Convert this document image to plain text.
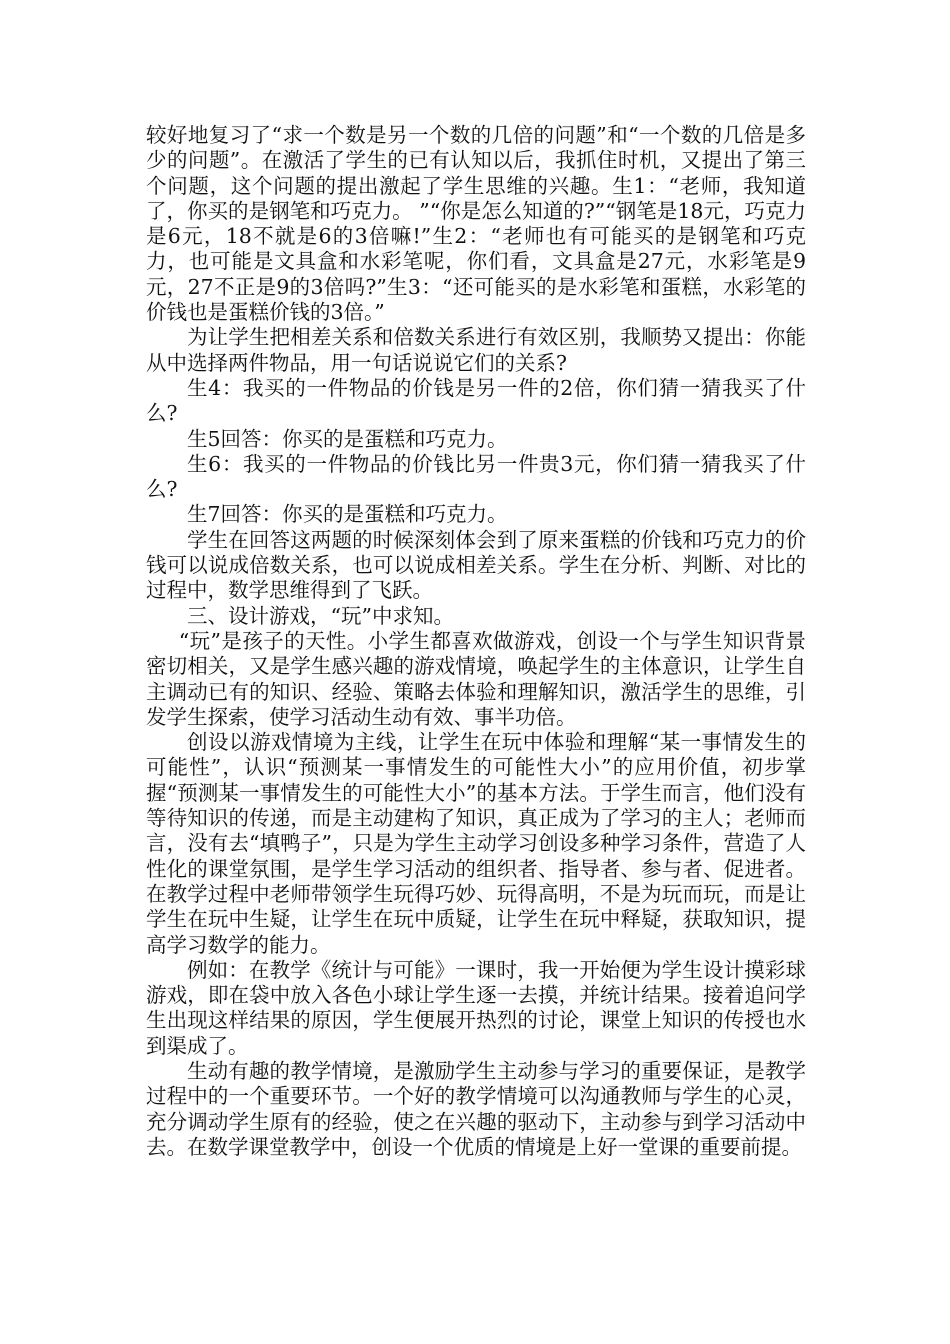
较好地复习了“求一个数是另一个数的几倍的问题”和“一个数的几倍是多少的问题”。在激活了学生的已有认知以后，我抓住时机，又提出了第三个问题，这个问题的提出激起了学生思维的兴趣。生1：“老师，我知道了，你买的是钢笔和巧克力。 ”“你是怎么知道的?”“钢笔是18元，巧克力是6元，18不就是6的3倍嘛!”生2：“老师也有可能买的是钢笔和巧克力，也可能是文具盒和水彩笔呢，你们看，文具盒是27元，水彩笔是9元，27不正是9的3倍吗?”生3：“还可能买的是水彩笔和蛋糕，水彩笔的价钱也是蛋糕价钱的3倍。”

为让学生把相差关系和倍数关系进行有效区别，我顺势又提出：你能从中选择两件物品，用一句话说说它们的关系?

生4：我买的一件物品的价钱是另一件的2倍，你们猜一猜我买了什么?

生5回答：你买的是蛋糕和巧克力。

生6：我买的一件物品的价钱比另一件贵3元，你们猜一猜我买了什么?

生7回答：你买的是蛋糕和巧克力。

学生在回答这两题的时候深刻体会到了原来蛋糕的价钱和巧克力的价钱可以说成倍数关系，也可以说成相差关系。学生在分析、判断、对比的过程中，数学思维得到了飞跃。

三、设计游戏，“玩”中求知。

“玩”是孩子的天性。小学生都喜欢做游戏，创设一个与学生知识背景密切相关，又是学生感兴趣的游戏情境，唤起学生的主体意识，让学生自主调动已有的知识、经验、策略去体验和理解知识，激活学生的思维，引发学生探索，使学习活动生动有效、事半功倍。

创设以游戏情境为主线，让学生在玩中体验和理解“某一事情发生的可能性”，认识“预测某一事情发生的可能性大小”的应用价值，初步掌握“预测某一事情发生的可能性大小”的基本方法。于学生而言，他们没有等待知识的传递，而是主动建构了知识，真正成为了学习的主人；老师而言，没有去“填鸭子”，只是为学生主动学习创设多种学习条件，营造了人性化的课堂氛围，是学生学习活动的组织者、指导者、参与者、促进者。在教学过程中老师带领学生玩得巧妙、玩得高明，不是为玩而玩，而是让学生在玩中生疑，让学生在玩中质疑，让学生在玩中释疑，获取知识，提高学习数学的能力。

例如：在教学《统计与可能》一课时，我一开始便为学生设计摸彩球游戏，即在袋中放入各色小球让学生逐一去摸，并统计结果。接着追问学生出现这样结果的原因，学生便展开热烈的讨论，课堂上知识的传授也水到渠成了。

生动有趣的教学情境，是激励学生主动参与学习的重要保证，是教学过程中的一个重要环节。一个好的教学情境可以沟通教师与学生的心灵，充分调动学生原有的经验，使之在兴趣的驱动下，主动参与到学习活动中去。在数学课堂教学中，创设一个优质的情境是上好一堂课的重要前提。
